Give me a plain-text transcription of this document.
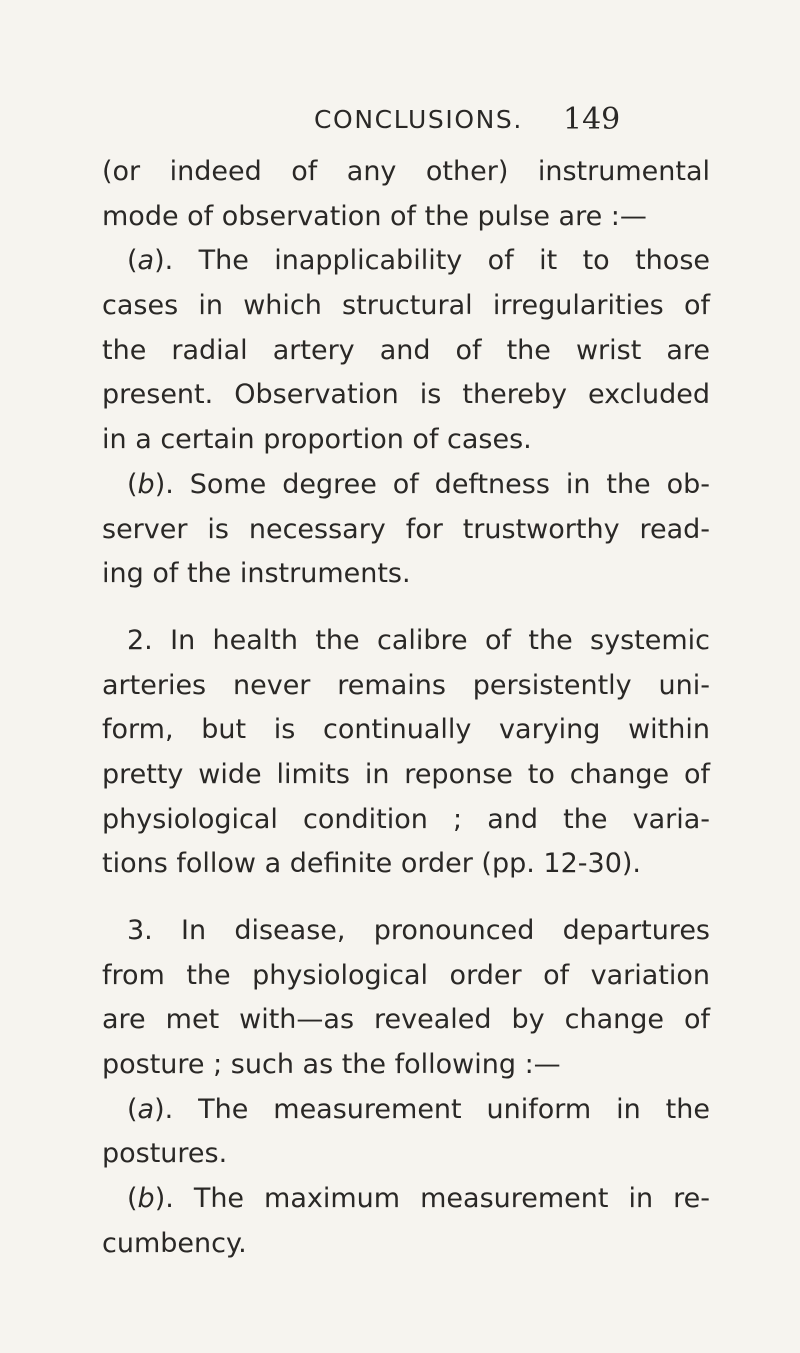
CONCLUSIONS. 149
(or indeed of any other) instrumental
mode of observation of the pulse are :—
(a). The inapplicability of it to those
cases in which structural irregularities of
the radial artery and of the wrist are
present. Observation is thereby excluded
in a certain proportion of cases.
(b). Some degree of deftness in the ob-
server is necessary for trustworthy read-
ing of the instruments.
2. In health the calibre of the systemic
arteries never remains persistently uni-
form, but is continually varying within
pretty wide limits in reponse to change of
physiological condition ; and the varia-
tions follow a definite order (pp. 12-30).
3. In disease, pronounced departures
from the physiological order of variation
are met with—as revealed by change of
posture ; such as the following :—
(a). The measurement uniform in the
postures.
(b). The maximum measurement in re-
cumbency.
